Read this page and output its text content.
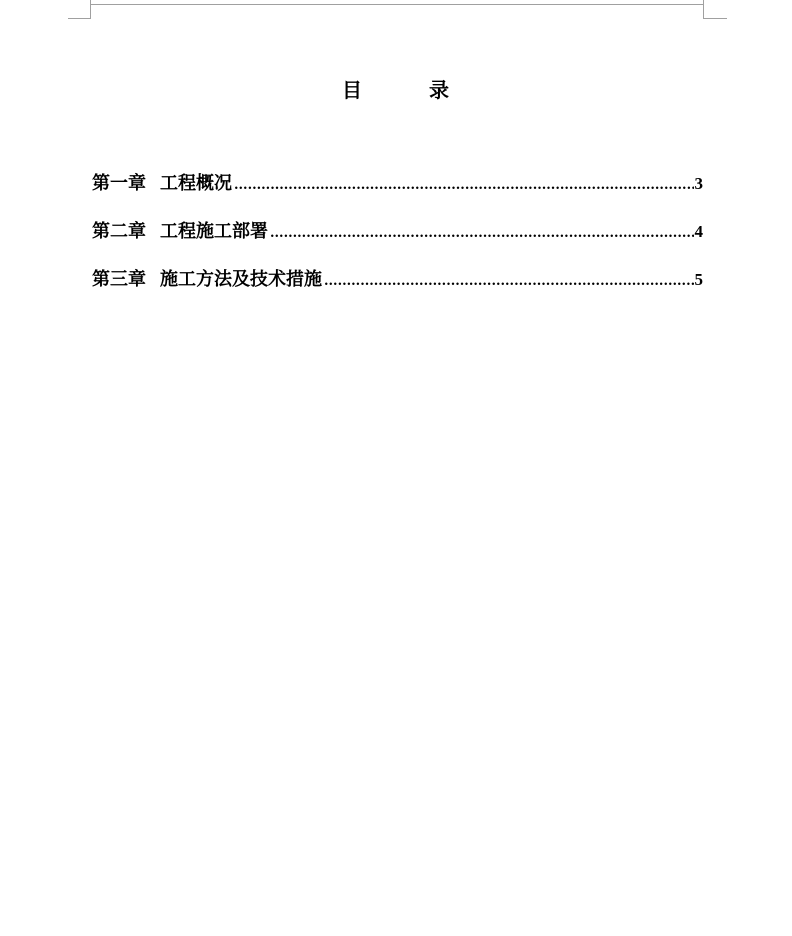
目	录
第一章 工程概况 .....	3
第二章 工程施工部署 .....	4
第三章 施工方法及技术措施 .....	5
